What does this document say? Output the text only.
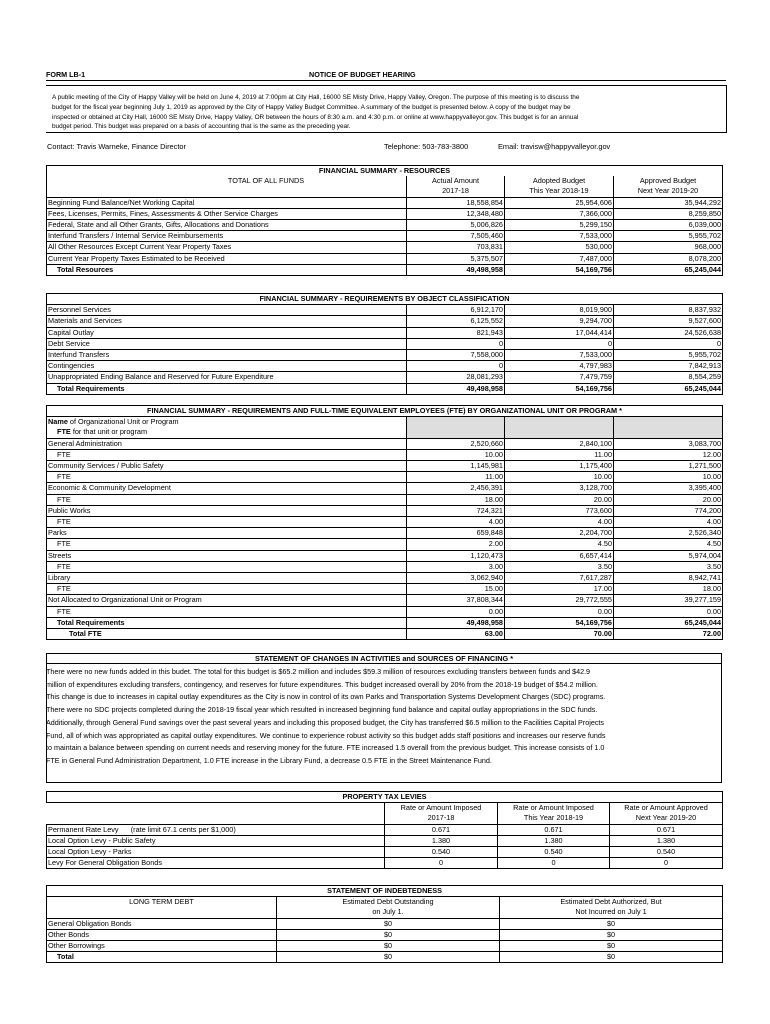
FORM LB-1	NOTICE OF BUDGET HEARING
A public meeting of the City of Happy Valley will be held on June 4, 2019 at 7:00pm at City Hall, 16000 SE Misty Drive, Happy Valley, Oregon. The purpose of this meeting is to discuss the
budget for the fiscal year beginning July 1, 2019 as approved by the City of Happy Valley Budget Committee. A summary of the budget is presented below. A copy of the budget may be
inspected or obtained at City Hall, 16000 SE Misty Drive, Happy Valley, OR between the hours of 8:30 a.m. and 4:30 p.m. or online at www.happyvalleyor.gov. This budget is for an annual
budget period. This budget was prepared on a basis of accounting that is the same as the preceding year.
Contact: Travis Warneke, Finance Director	Telephone: 503-783-3800	Email: travisw@happyvalleyor.gov
FINANCIAL SUMMARY - RESOURCES			
TOTAL OF ALL FUNDS	Actual Amount	Adopted Budget	Approved Budget
	2017-18	This Year 2018-19	Next Year 2019-20
Beginning Fund Balance/Net Working Capital	18,558,854	25,954,606	35,944,292
Fees, Licenses, Permits, Fines, Assessments & Other Service Charges	12,348,480	7,366,000	8,259,850
Federal, State and all Other Grants, Gifts, Allocations and Donations	5,006,826	5,299,150	6,039,000
Interfund Transfers / Internal Service Reimbursements	7,505,460	7,533,000	5,955,702
All Other Resources Except Current Year Property Taxes	703,831	530,000	968,000
Current Year Property Taxes Estimated to be Received	5,375,507	7,487,000	8,078,200
Total Resources	49,498,958	54,169,756	65,245,044
FINANCIAL SUMMARY - REQUIREMENTS BY OBJECT CLASSIFICATION			
Personnel Services	6,912,170	8,019,900	8,837,932
Materials and Services	6,125,552	9,294,700	9,527,600
Capital Outlay	821,943	17,044,414	24,526,638
Debt Service	0	0	0
Interfund Transfers	7,558,000	7,533,000	5,955,702
Contingencies	0	4,797,983	7,842,913
Unappropriated Ending Balance and Reserved for Future Expenditure	28,081,293	7,479,759	8,554,259
Total Requirements	49,498,958	54,169,756	65,245,044
FINANCIAL SUMMARY - REQUIREMENTS AND FULL-TIME EQUIVALENT EMPLOYEES (FTE) BY ORGANIZATIONAL UNIT OR PROGRAM *			
Name of Organizational Unit or Program			
FTE for that unit or program			
General Administration	2,520,660	2,840,100	3,083,700
FTE	10.00	11.00	12.00
Community Services / Public Safety	1,145,981	1,175,400	1,271,500
FTE	11.00	10.00	10.00
Economic & Community Development	2,456,391	3,128,700	3,395,400
FTE	18.00	20.00	20.00
Public Works	724,321	773,600	774,200
FTE	4.00	4.00	4.00
Parks	659,848	2,204,700	2,526,340
FTE	2.00	4.50	4.50
Streets	1,120,473	6,657,414	5,974,004
FTE	3.00	3.50	3.50
Library	3,062,940	7,617,287	8,942,741
FTE	15.00	17.00	18.00
Not Allocated to Organizational Unit or Program	37,808,344	29,772,555	39,277,159
FTE	0.00	0.00	0.00
Total Requirements	49,498,958	54,169,756	65,245,044
Total FTE	63.00	70.00	72.00
STATEMENT OF CHANGES IN ACTIVITIES and SOURCES OF FINANCING *
There were no new funds added in this budet. The total for this budget is $65.2 million and includes $59.3 million of resources excluding transfers between funds and $42.9
million of expenditures excluding transfers, contingency, and reserves for future expenditures. This budget increased overall by 20% from the 2018-19 budget of $54.2 million.
This change is due to increases in capital outlay expenditures as the City is now in control of its own Parks and Transportation Systems Development Charges (SDC) programs.
There were no SDC projects completed during the 2018-19 fiscal year which resulted in increased beginning fund balance and capital outlay appropriations in the SDC funds.
Additionally, through General Fund savings over the past several years and including this proposed budget, the City has transferred $6.5 million to the Facilities Capital Projects
Fund, all of which was appropriated as capital outlay expenditures. We continue to experience robust activity so this budget adds staff positions and increases our reserve funds
to maintain a balance between spending on current needs and reserving money for the future. FTE increased 1.5 overall from the previous budget. This increase consists of 1.0
FTE in General Fund Administration Department, 1.0 FTE increase in the Library Fund, a decrease 0.5 FTE in the Street Maintenance Fund.
PROPERTY TAX LEVIES			
	Rate or Amount Imposed	Rate or Amount Imposed	Rate or Amount Approved
	2017-18	This Year 2018-19	Next Year 2019-20
Permanent Rate Levy      (rate limit 67.1 cents per $1,000)	0.671	0.671	0.671
Local Option Levy - Public Safety	1.380	1.380	1.380
Local Option Levy - Parks	0.540	0.540	0.540
Levy For General Obligation Bonds	0	0	0
STATEMENT OF INDEBTEDNESS		
LONG TERM DEBT	Estimated Debt Outstanding	Estimated Debt Authorized, But
	on July 1.	Not Incurred on July 1
General Obligation Bonds	$0	$0
Other Bonds	$0	$0
Other Borrowings	$0	$0
Total	$0	$0
